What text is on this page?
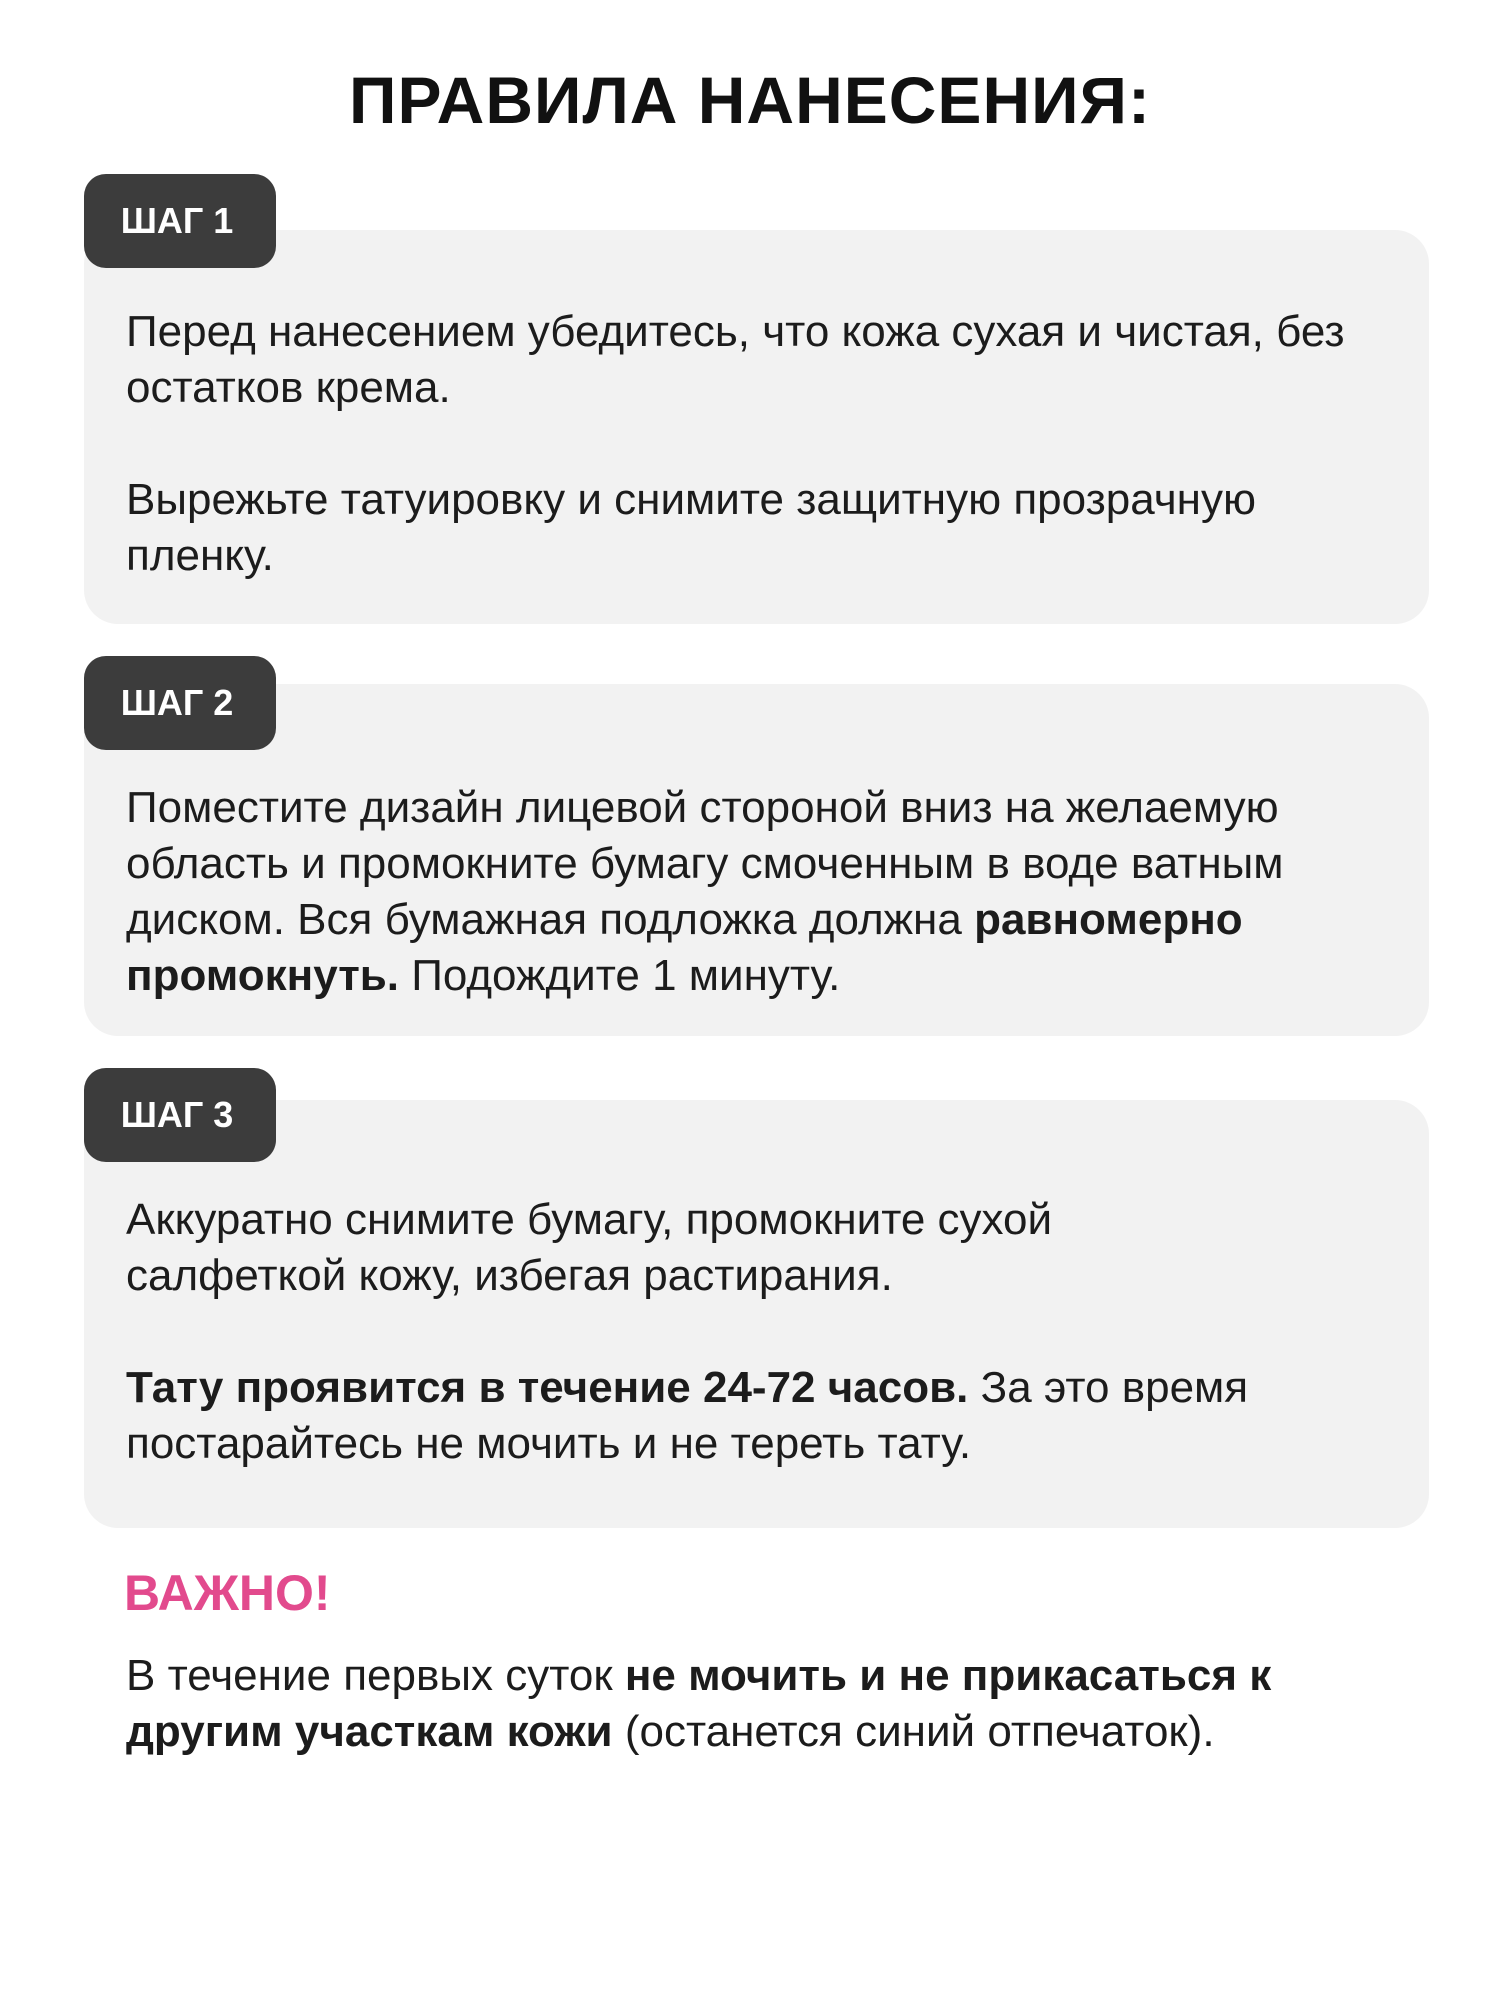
ПРАВИЛА НАНЕСЕНИЯ:

Перед нанесением убедитесь, что кожа сухая и чистая, без остатков крема.

Вырежьте татуировку и снимите защитную прозрачную пленку.

ШАГ 1

Поместите дизайн лицевой стороной вниз на желаемую область и промокните бумагу смоченным в воде ватным диском. Вся бумажная подложка должна равномерно промокнуть. Подождите 1 минуту.

ШАГ 2

Аккуратно снимите бумагу, промокните сухой салфеткой кожу, избегая растирания.

Тату проявится в течение 24-72 часов. За это время постарайтесь не мочить и не тереть тату.

ШАГ 3
ВАЖНО!

В течение первых суток не мочить и не прикасаться к другим участкам кожи (останется синий отпечаток).
